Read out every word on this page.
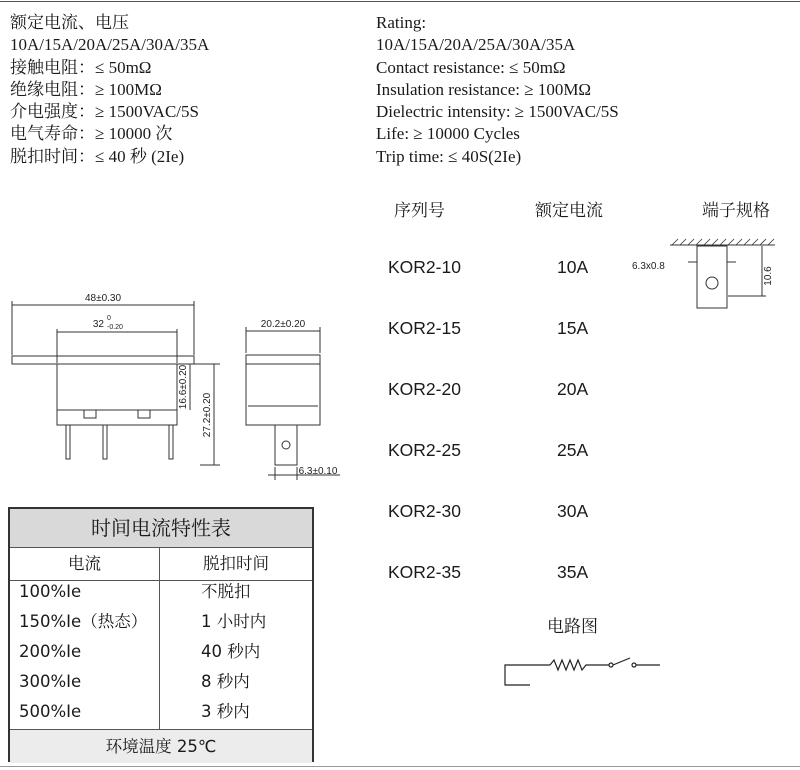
额定电流、电压
10A/15A/20A/25A/30A/35A
接触电阻：≤ 50mΩ
绝缘电阻：≥ 100MΩ
介电强度：≥ 1500VAC/5S
电气寿命：≥ 10000 次
脱扣时间：≤ 40 秒 (2Ie)
Rating:
10A/15A/20A/25A/30A/35A
Contact resistance: ≤ 50mΩ
Insulation resistance: ≥ 100MΩ
Dielectric intensity: ≥ 1500VAC/5S
Life: ≥ 10000 Cycles
Trip time: ≤ 40S(2Ie)
48±0.30
32
0
-0.20	20.2±0.20
16.6±0.20
27.2±0.20
6.3±0.10
序列号	额定电流	端子规格
KOR2-10	10A
KOR2-15	15A
KOR2-20	20A
KOR2-25	25A
KOR2-30	30A
KOR2-35	35A
6.3x0.8	10.6
电路图
时间电流特性表
电流	脱扣时间
100%Ie	不脱扣
150%Ie（热态）	1 小时内
200%Ie	40 秒内
300%Ie	8 秒内
500%Ie	3 秒内
环境温度 25℃
